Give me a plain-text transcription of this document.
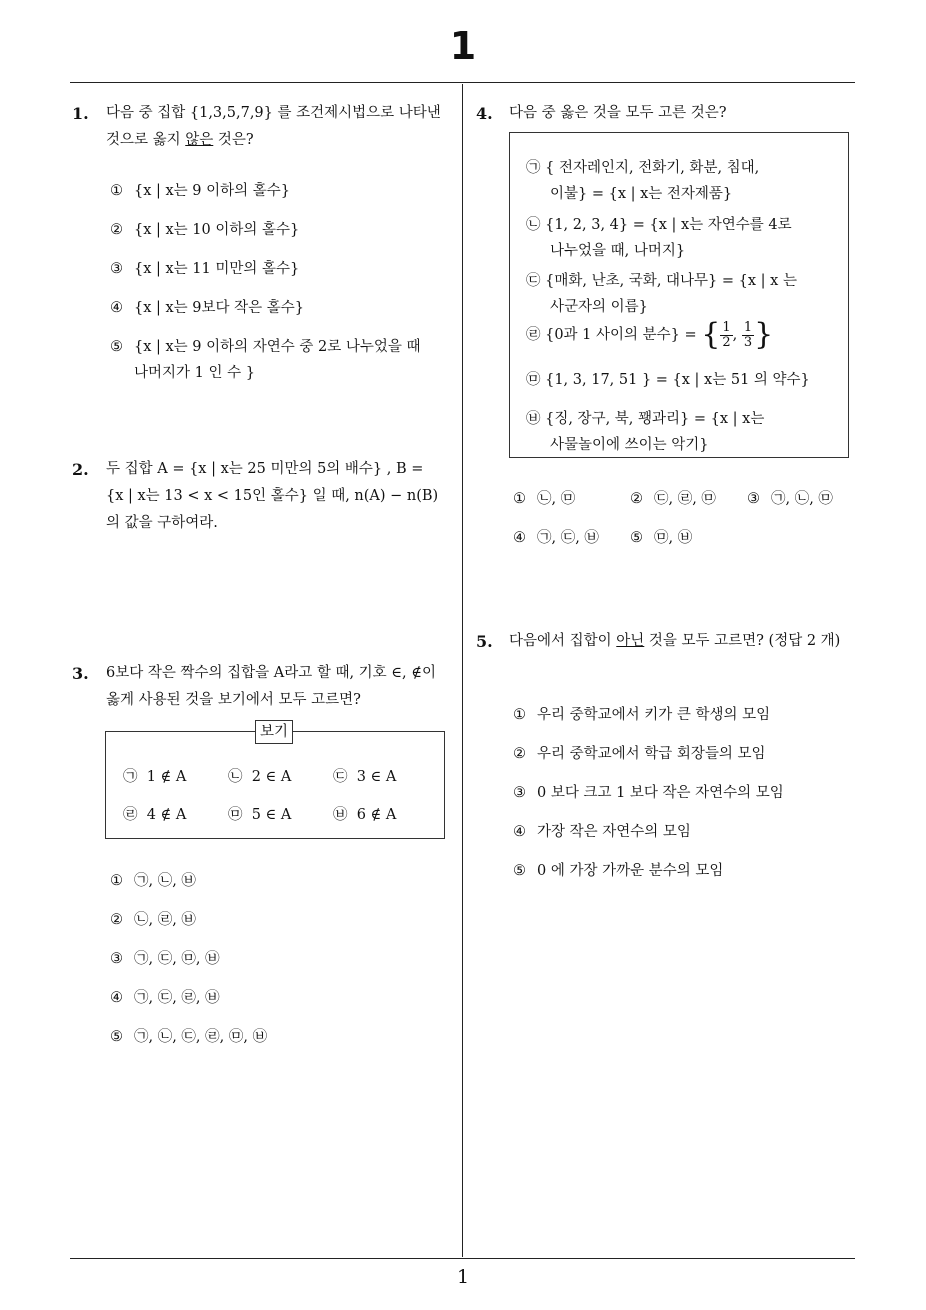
1
1
1. 다음 중 집합 {1,3,5,7,9} 를 조건제시법으로 나타낸
것으로 옳지 않은 것은?
① {x | x는 9 이하의 홀수}
② {x | x는 10 이하의 홀수}
③ {x | x는 11 미만의 홀수}
④ {x | x는 9보다 작은 홀수}
⑤ {x | x는 9 이하의 자연수 중 2로 나누었을 때
나머지가 1 인 수 }
2. 두 집합 A = {x | x는 25 미만의 5의 배수} , B =
{x | x는 13 < x < 15인 홀수} 일 때, n(A) − n(B)
의 값을 구하여라.
3. 6보다 작은 짝수의 집합을 A라고 할 때, 기호 ∈, ∉이
옳게 사용된 것을 보기에서 모두 고르면?
보기
㉠ 1 ∉ A	㉡ 2 ∈ A	㉢ 3 ∈ A
㉣ 4 ∉ A	㉤ 5 ∈ A	㉥ 6 ∉ A
① ㉠, ㉡, ㉥
② ㉡, ㉣, ㉥
③ ㉠, ㉢, ㉤, ㉥
④ ㉠, ㉢, ㉣, ㉥
⑤ ㉠, ㉡, ㉢, ㉣, ㉤, ㉥
4. 다음 중 옳은 것을 모두 고른 것은?
㉠ { 전자레인지, 전화기, 화분, 침대,
이불} = {x | x는 전자제품}
㉡ {1, 2, 3, 4} = {x | x는 자연수를 4로
나누었을 때, 나머지}
㉢ {매화, 난초, 국화, 대나무} = {x | x 는
사군자의 이름}
㉣ {0과 1 사이의 분수} = { $\frac{1}{2}$ , $\frac{1}{3}$ }
㉤ {1, 3, 17, 51 } = {x | x는 51 의 약수}
㉥ {징, 장구, 북, 꽹과리} = {x | x는
사물놀이에 쓰이는 악기}
① ㉡, ㉤	② ㉢, ㉣, ㉤ ③ ㉠, ㉡, ㉤
④ ㉠, ㉢, ㉥ ⑤ ㉤, ㉥
5. 다음에서 집합이 아닌 것을 모두 고르면? (정답 2 개)
① 우리 중학교에서 키가 큰 학생의 모임
② 우리 중학교에서 학급 회장들의 모임
③ 0 보다 크고 1 보다 작은 자연수의 모임
④ 가장 작은 자연수의 모임
⑤ 0 에 가장 가까운 분수의 모임
